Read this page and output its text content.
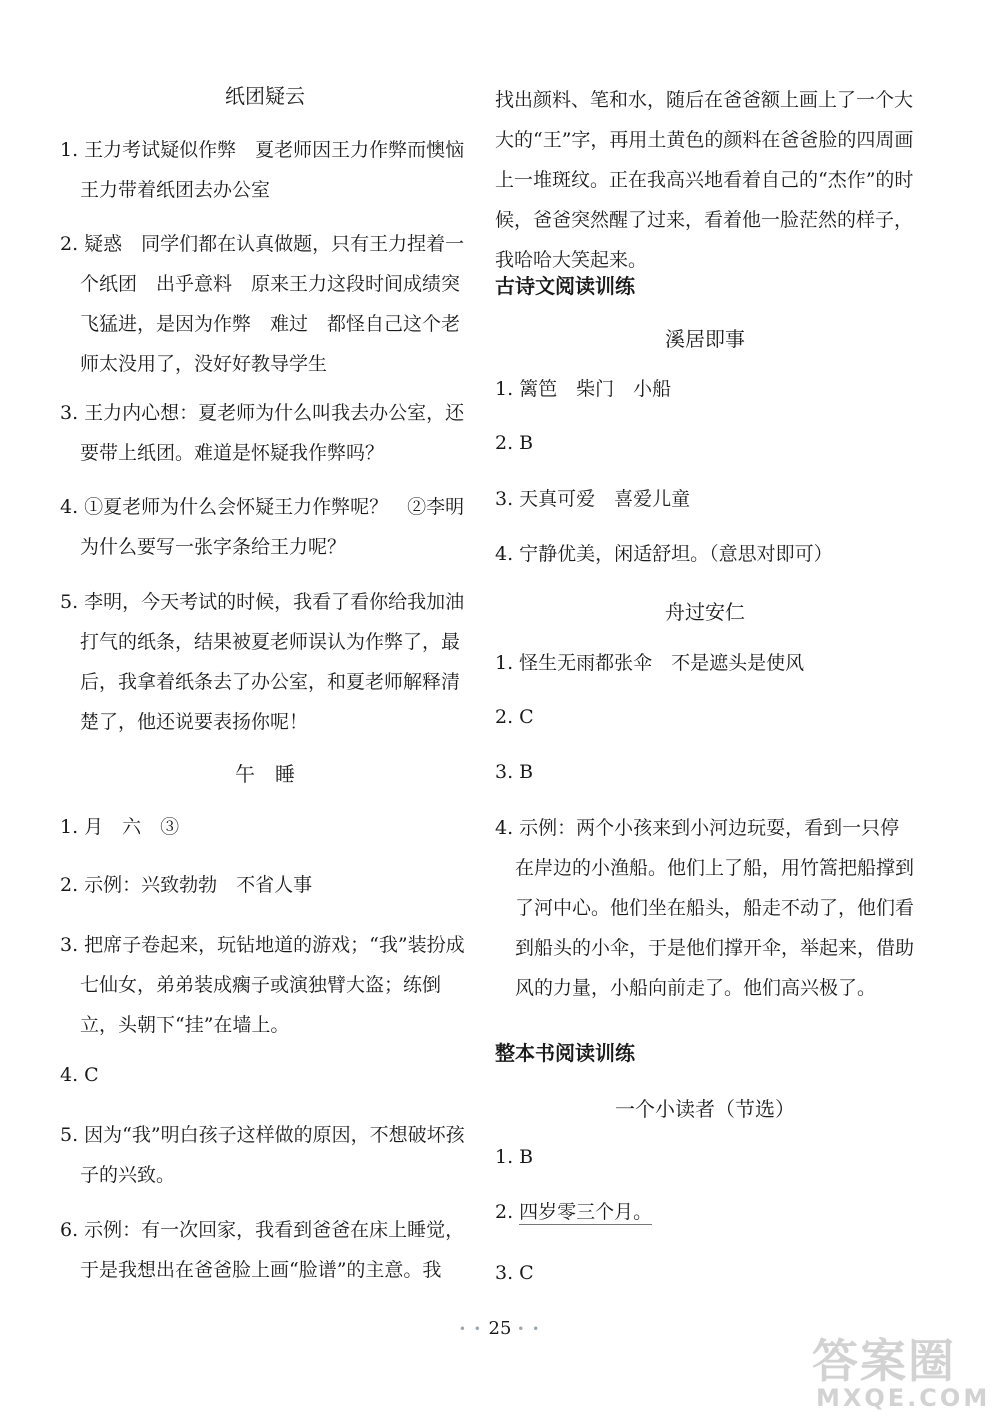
纸团疑云
1. 王力考试疑似作弊　夏老师因王力作弊而懊恼　王力带着纸团去办公室
2. 疑惑　同学们都在认真做题，只有王力捏着一个纸团　出乎意料　原来王力这段时间成绩突飞猛进，是因为作弊　难过　都怪自己这个老师太没用了，没好好教导学生
3. 王力内心想：夏老师为什么叫我去办公室，还要带上纸团。难道是怀疑我作弊吗？
4. ①夏老师为什么会怀疑王力作弊呢？　②李明为什么要写一张字条给王力呢？
5. 李明，今天考试的时候，我看了看你给我加油打气的纸条，结果被夏老师误认为作弊了，最后，我拿着纸条去了办公室，和夏老师解释清楚了，他还说要表扬你呢！
午　睡
1. 月　六　③
2. 示例：兴致勃勃　不省人事
3. 把席子卷起来，玩钻地道的游戏；“我”装扮成七仙女，弟弟装成瘸子或演独臂大盗；练倒立，头朝下“挂”在墙上。
4. C
5. 因为“我”明白孩子这样做的原因，不想破坏孩子的兴致。
6. 示例：有一次回家，我看到爸爸在床上睡觉，于是我想出在爸爸脸上画“脸谱”的主意。我
找出颜料、笔和水，随后在爸爸额上画上了一个大大的“王”字，再用土黄色的颜料在爸爸脸的四周画上一堆斑纹。正在我高兴地看着自己的“杰作”的时候，爸爸突然醒了过来，看着他一脸茫然的样子，我哈哈大笑起来。
古诗文阅读训练
溪居即事
1. 篱笆　柴门　小船
2. B
3. 天真可爱　喜爱儿童
4. 宁静优美，闲适舒坦。（意思对即可）
舟过安仁
1. 怪生无雨都张伞　不是遮头是使风
2. C
3. B
4. 示例：两个小孩来到小河边玩耍，看到一只停在岸边的小渔船。他们上了船，用竹篙把船撑到了河中心。他们坐在船头，船走不动了，他们看到船头的小伞，于是他们撑开伞，举起来，借助风的力量，小船向前走了。他们高兴极了。
整本书阅读训练
一个小读者（节选）
1. B
2. 四岁零三个月。
3. C
• • 25 • •
答案圈
MXQE.COM
